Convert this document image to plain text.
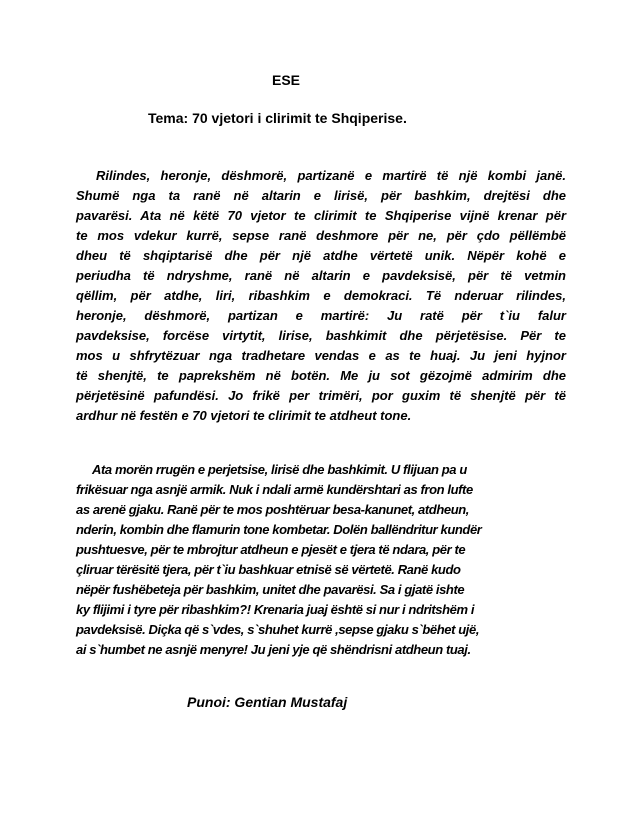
ESE
Tema: 70 vjetori i clirimit te Shqiperise.

Rilindes, heronje, dëshmorë, partizanë e martirë të një kombi janë.
Shumë nga ta ranë në altarin e lirisë, për bashkim, drejtësi dhe
pavarësi. Ata në këtë 70 vjetor te clirimit te Shqiperise vijnë krenar për
te mos vdekur kurrë, sepse ranë deshmore për ne, për çdo pëllëmbë
dheu të shqiptarisë dhe për një atdhe vërtetë unik. Nëpër kohë e
periudha të ndryshme, ranë në altarin e pavdeksisë, për të vetmin
qëllim, për atdhe, liri, ribashkim e demokraci. Të nderuar rilindes,
heronje, dëshmorë, partizan e martirë: Ju ratë për t`iu falur
pavdeksise, forcëse virtytit, lirise, bashkimit dhe përjetësise. Për te
mos u shfrytëzuar nga tradhetare vendas e as te huaj. Ju jeni hyjnor
të shenjtë, te paprekshëm në botën. Me ju sot gëzojmë admirim dhe
përjetësinë pafundësi. Jo frikë per trimëri, por guxim të shenjtë për të
ardhur në festën e 70 vjetori te clirimit te atdheut tone.

Ata morën rrugën e perjetsise, lirisë dhe bashkimit. U flijuan pa u
frikësuar nga asnjë armik. Nuk i ndali armë kundërshtari as fron lufte
as arenë gjaku. Ranë për te mos poshtëruar besa-kanunet, atdheun,
nderin, kombin dhe flamurin tone kombetar. Dolën ballëndritur kundër
pushtuesve, për te mbrojtur atdheun e pjesët e tjera të ndara, për te
çliruar tërësitë tjera, për t`iu bashkuar etnisë së vërtetë. Ranë kudo
nëpër fushëbeteja për bashkim, unitet dhe pavarësi. Sa i gjatë ishte
ky flijimi i tyre për ribashkim?! Krenaria juaj është si nur i ndritshëm i
pavdeksisë. Diçka që s`vdes, s`shuhet kurrë ,sepse gjaku s`bëhet ujë,
ai s`humbet ne asnjë menyre! Ju jeni yje që shëndrisni atdheun tuaj.

Punoi: Gentian Mustafaj
